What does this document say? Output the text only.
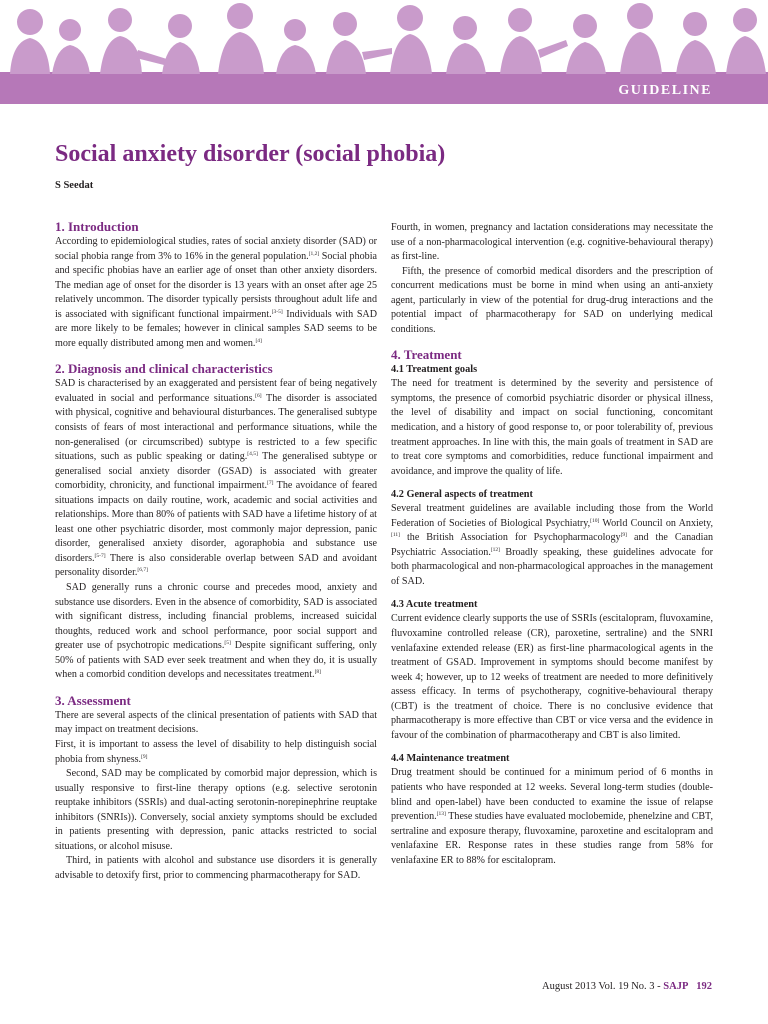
GUIDELINE
Social anxiety disorder (social phobia)
S Seedat
1. Introduction

According to epidemiological studies, rates of social anxiety disorder (SAD) or social phobia range from 3% to 16% in the general population.[1,2] Social phobia and specific phobias have an earlier age of onset than other anxiety disorders. The median age of onset for the disorder is 13 years with an onset after age 25 relatively uncommon. The disorder typically persists throughout adult life and is associated with significant functional impairment.[3-5] Individuals with SAD are more likely to be females; however in clinical samples SAD seems to be more equally distributed among men and women.[4]

2. Diagnosis and clinical characteristics

SAD is characterised by an exaggerated and persistent fear of being negatively evaluated in social and performance situations.[6] The disorder is associated with physical, cognitive and behavioural disturbances. The generalised subtype consists of fears of most interactional and performance situations, while the non-generalised (or circumscribed) subtype is restricted to a few specific situations, such as public speaking or dating.[4,5] The generalised subtype or generalised social anxiety disorder (GSAD) is associated with greater comorbidity, chronicity, and functional impairment.[7] The avoidance of feared situations impacts on daily routine, work, academic and social activities and relationships. More than 80% of patients with SAD have a lifetime history of at least one other psychiatric disorder, most commonly major depression, panic disorder, generalised anxiety disorder, agoraphobia and substance use disorders.[5-7] There is also considerable overlap between SAD and avoidant personality disorder.[6,7]

SAD generally runs a chronic course and precedes mood, anxiety and substance use disorders. Even in the absence of comorbidity, SAD is associated with significant distress, including financial problems, increased suicidal thoughts, reduced work and school performance, poor social support and greater use of psychotropic medications.[5] Despite significant suffering, only 50% of patients with SAD ever seek treatment and when they do, it is usually when a comorbid condition develops and necessitates treatment.[8]

3. Assessment

There are several aspects of the clinical presentation of patients with SAD that may impact on treatment decisions.

First, it is important to assess the level of disability to help distinguish social phobia from shyness.[9]

Second, SAD may be complicated by comorbid major depression, which is usually responsive to first-line therapy options (e.g. selective serotonin reuptake inhibitors (SSRIs) and dual-acting serotonin-norepinephrine reuptake inhibitors (SNRIs)). Conversely, social anxiety symptoms should be excluded in patients presenting with depression, panic attacks restricted to social situations, or alcohol misuse.

Third, in patients with alcohol and substance use disorders it is generally advisable to detoxify first, prior to commencing pharmacotherapy for SAD.

Fourth, in women, pregnancy and lactation considerations may necessitate the use of a non-pharmacological intervention (e.g. cognitive-behavioural therapy) as first-line.

Fifth, the presence of comorbid medical disorders and the prescription of concurrent medications must be borne in mind when using an anti-anxiety agent, particularly in view of the potential for drug-drug interactions and the potential impact of pharmacotherapy for SAD on underlying medical conditions.

4. Treatment
4.1 Treatment goals

The need for treatment is determined by the severity and persistence of symptoms, the presence of comorbid psychiatric disorder or physical illness, the level of disability and impact on social functioning, concomitant medication, and a history of good response to, or poor tolerability of, previous treatment approaches. In line with this, the main goals of treatment in SAD are to treat core symptoms and comorbidities, reduce functional impairment and avoidance, and improve the quality of life.

4.2 General aspects of treatment

Several treatment guidelines are available including those from the World Federation of Societies of Biological Psychiatry,[10] World Council on Anxiety,[11] the British Association for Psychopharmacology[9] and the Canadian Psychiatric Association.[12] Broadly speaking, these guidelines advocate for both pharmacological and non-pharmacological approaches in the management of SAD.

4.3 Acute treatment

Current evidence clearly supports the use of SSRIs (escitalopram, fluvoxamine, fluvoxamine controlled release (CR), paroxetine, sertraline) and the SNRI venlafaxine extended release (ER) as first-line pharmacological agents in the treatment of GSAD. Improvement in symptoms should become manifest by week 4; however, up to 12 weeks of treatment are needed to more definitively assess efficacy. In terms of psychotherapy, cognitive-behavioural therapy (CBT) is the treatment of choice. There is no conclusive evidence that pharmacotherapy is more effective than CBT or vice versa and the evidence in favour of the combination of pharmacotherapy and CBT is also limited.

4.4 Maintenance treatment

Drug treatment should be continued for a minimum period of 6 months in patients who have responded at 12 weeks. Several long-term studies (double-blind and open-label) have been conducted to examine the issue of relapse prevention.[13] These studies have evaluated moclobemide, phenelzine and CBT, sertraline and exposure therapy, fluvoxamine, paroxetine and escitalopram and venlafaxine ER. Response rates in these studies range from 58% for venlafaxine ER to 88% for escitalopram.

August 2013 Vol. 19 No. 3 - SAJP 192
